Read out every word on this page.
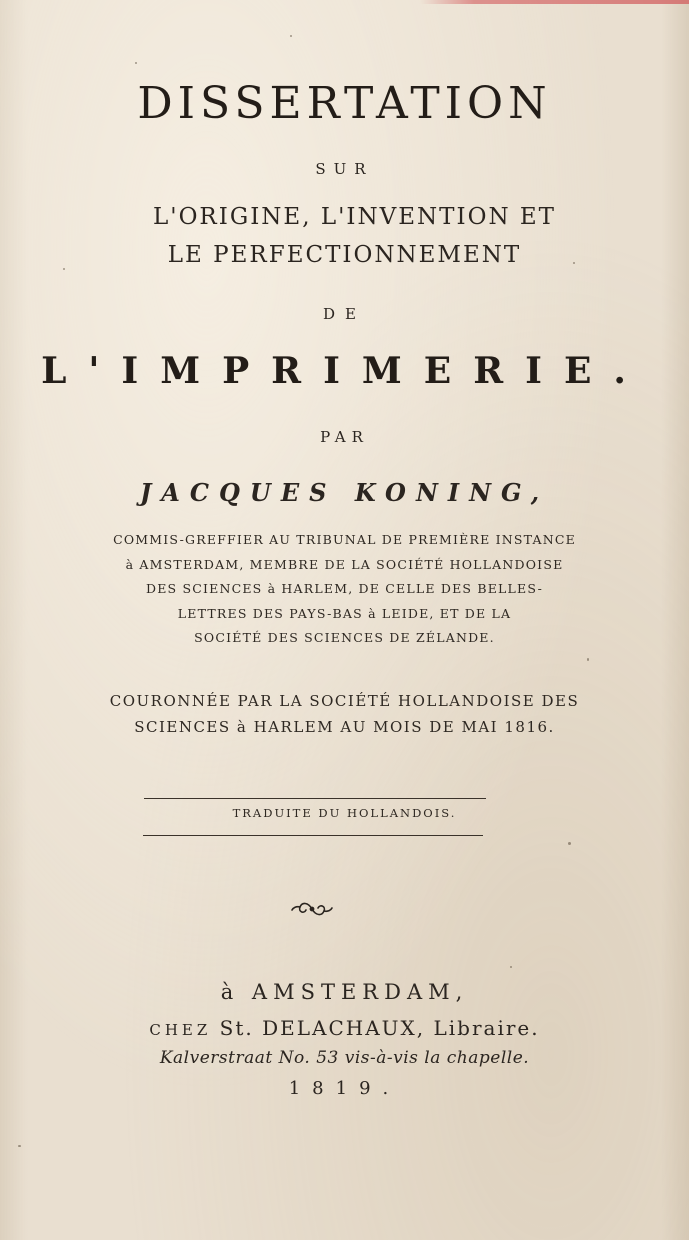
DISSERTATION
SUR
L'ORIGINE, L'INVENTION ET
LE PERFECTIONNEMENT
DE
L'IMPRIMERIE.
PAR
JACQUES KONING,
COMMIS-GREFFIER AU TRIBUNAL DE PREMIÈRE INSTANCE
à AMSTERDAM, MEMBRE DE LA SOCIÉTÉ HOLLANDOISE
DES SCIENCES à HARLEM, DE CELLE DES BELLES-
LETTRES DES PAYS-BAS à LEIDE, ET DE LA
SOCIÉTÉ DES SCIENCES DE ZÉLANDE.
COURONNÉE PAR LA SOCIÉTÉ HOLLANDOISE DES
SCIENCES à HARLEM AU MOIS DE MAI 1816.
TRADUITE DU HOLLANDOIS.
à AMSTERDAM,
CHEZ St. DELACHAUX, Libraire.
Kalverstraat No. 53 vis-à-vis la chapelle.
1819.
